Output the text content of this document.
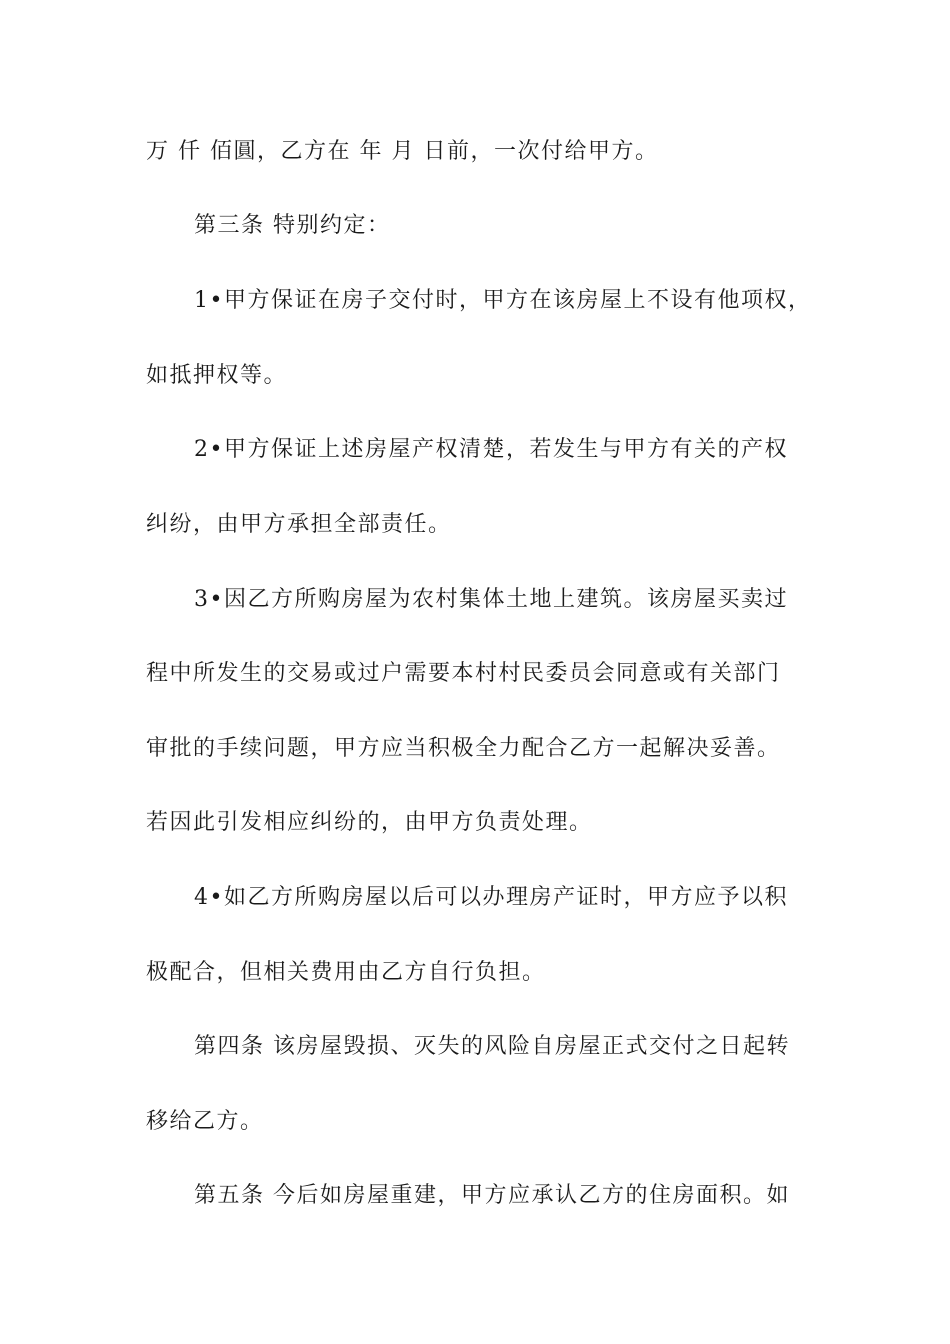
万 仟 佰圓，乙方在 年 月 日前，一次付给甲方。
第三条 特别约定：
1•甲方保证在房子交付时，甲方在该房屋上不设有他项权，
如抵押权等。
2•甲方保证上述房屋产权清楚，若发生与甲方有关的产权
纠纷，由甲方承担全部责任。
3•因乙方所购房屋为农村集体土地上建筑。该房屋买卖过
程中所发生的交易或过户需要本村村民委员会同意或有关部门
审批的手续问题，甲方应当积极全力配合乙方一起解决妥善。
若因此引发相应纠纷的，由甲方负责处理。
4•如乙方所购房屋以后可以办理房产证时，甲方应予以积
极配合，但相关费用由乙方自行负担。
第四条 该房屋毁损、灭失的风险自房屋正式交付之日起转
移给乙方。
第五条 今后如房屋重建，甲方应承认乙方的住房面积。如
